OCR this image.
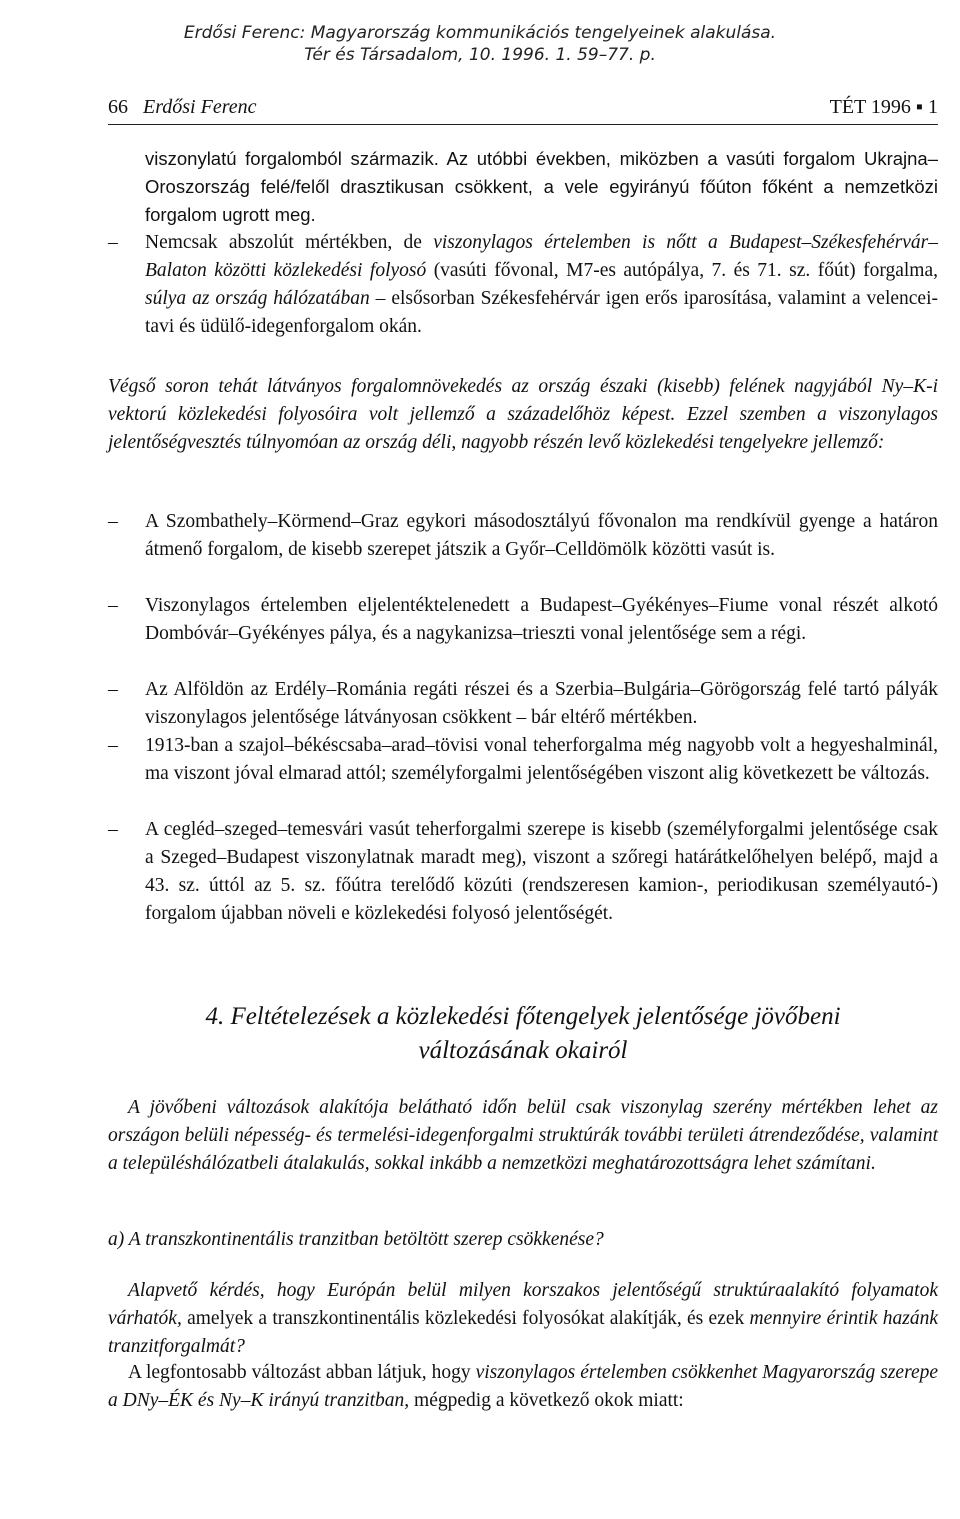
Erdősi Ferenc: Magyarország kommunikációs tengelyeinek alakulása.
Tér és Társadalom, 10. 1996. 1. 59–77. p.
66 Erdősi Ferenc	TÉT 1996 ▪ 1
viszonylatú forgalomból származik. Az utóbbi években, miközben a vasúti forgalom Ukrajna–Oroszország felé/felől drasztikusan csökkent, a vele egyirányú főúton főként a nemzetközi forgalom ugrott meg.
– Nemcsak abszolút mértékben, de viszonylagos értelemben is nőtt a Budapest–Székesfehérvár–Balaton közötti közlekedési folyosó (vasúti fővonal, M7-es autópálya, 7. és 71. sz. főút) forgalma, súlya az ország hálózatában – elsősorban Székesfehérvár igen erős iparosítása, valamint a velencei-tavi és üdülő-idegenforgalom okán.
Végső soron tehát látványos forgalomnövekedés az ország északi (kisebb) felének nagyjából Ny–K-i vektorú közlekedési folyosóira volt jellemző a századelőhöz képest. Ezzel szemben a viszonylagos jelentőségvesztés túlnyomóan az ország déli, nagyobb részén levő közlekedési tengelyekre jellemző:
– A Szombathely–Körmend–Graz egykori másodosztályú fővonalon ma rendkívül gyenge a határon átmenő forgalom, de kisebb szerepet játszik a Győr–Celldömölk közötti vasút is.
– Viszonylagos értelemben eljelentéktelenedett a Budapest–Gyékényes–Fiume vonal részét alkotó Dombóvár–Gyékényes pálya, és a nagykanizsa–trieszti vonal jelentősége sem a régi.
– Az Alföldön az Erdély–Románia regáti részei és a Szerbia–Bulgária–Görögország felé tartó pályák viszonylagos jelentősége látványosan csökkent – bár eltérő mértékben.
– 1913-ban a szajol–békéscsaba–arad–tövisi vonal teherforgalma még nagyobb volt a hegyeshalminál, ma viszont jóval elmarad attól; személyforgalmi jelentőségében viszont alig következett be változás.
– A cegléd–szeged–temesvári vasút teherforgalmi szerepe is kisebb (személyforgalmi jelentősége csak a Szeged–Budapest viszonylatnak maradt meg), viszont a szőregi határátkelőhelyen belépő, majd a 43. sz. úttól az 5. sz. főútra terelődő közúti (rendszeresen kamion-, periodikusan személyautó-) forgalom újabban növeli e közlekedési folyosó jelentőségét.
4. Feltételezések a közlekedési főtengelyek jelentősége jövőbeni
változásának okairól
A jövőbeni változások alakítója belátható időn belül csak viszonylag szerény mértékben lehet az országon belüli népesség- és termelési-idegenforgalmi struktúrák további területi átrendeződése, valamint a településhálózatbeli átalakulás, sokkal inkább a nemzetközi meghatározottságra lehet számítani.
a) A transzkontinentális tranzitban betöltött szerep csökkenése?
Alapvető kérdés, hogy Európán belül milyen korszakos jelentőségű struktúraalakító folyamatok várhatók, amelyek a transzkontinentális közlekedési folyosókat alakítják, és ezek mennyire érintik hazánk tranzitforgalmát?
A legfontosabb változást abban látjuk, hogy viszonylagos értelemben csökkenhet Magyarország szerepe a DNy–ÉK és Ny–K irányú tranzitban, mégpedig a következő okok miatt:
